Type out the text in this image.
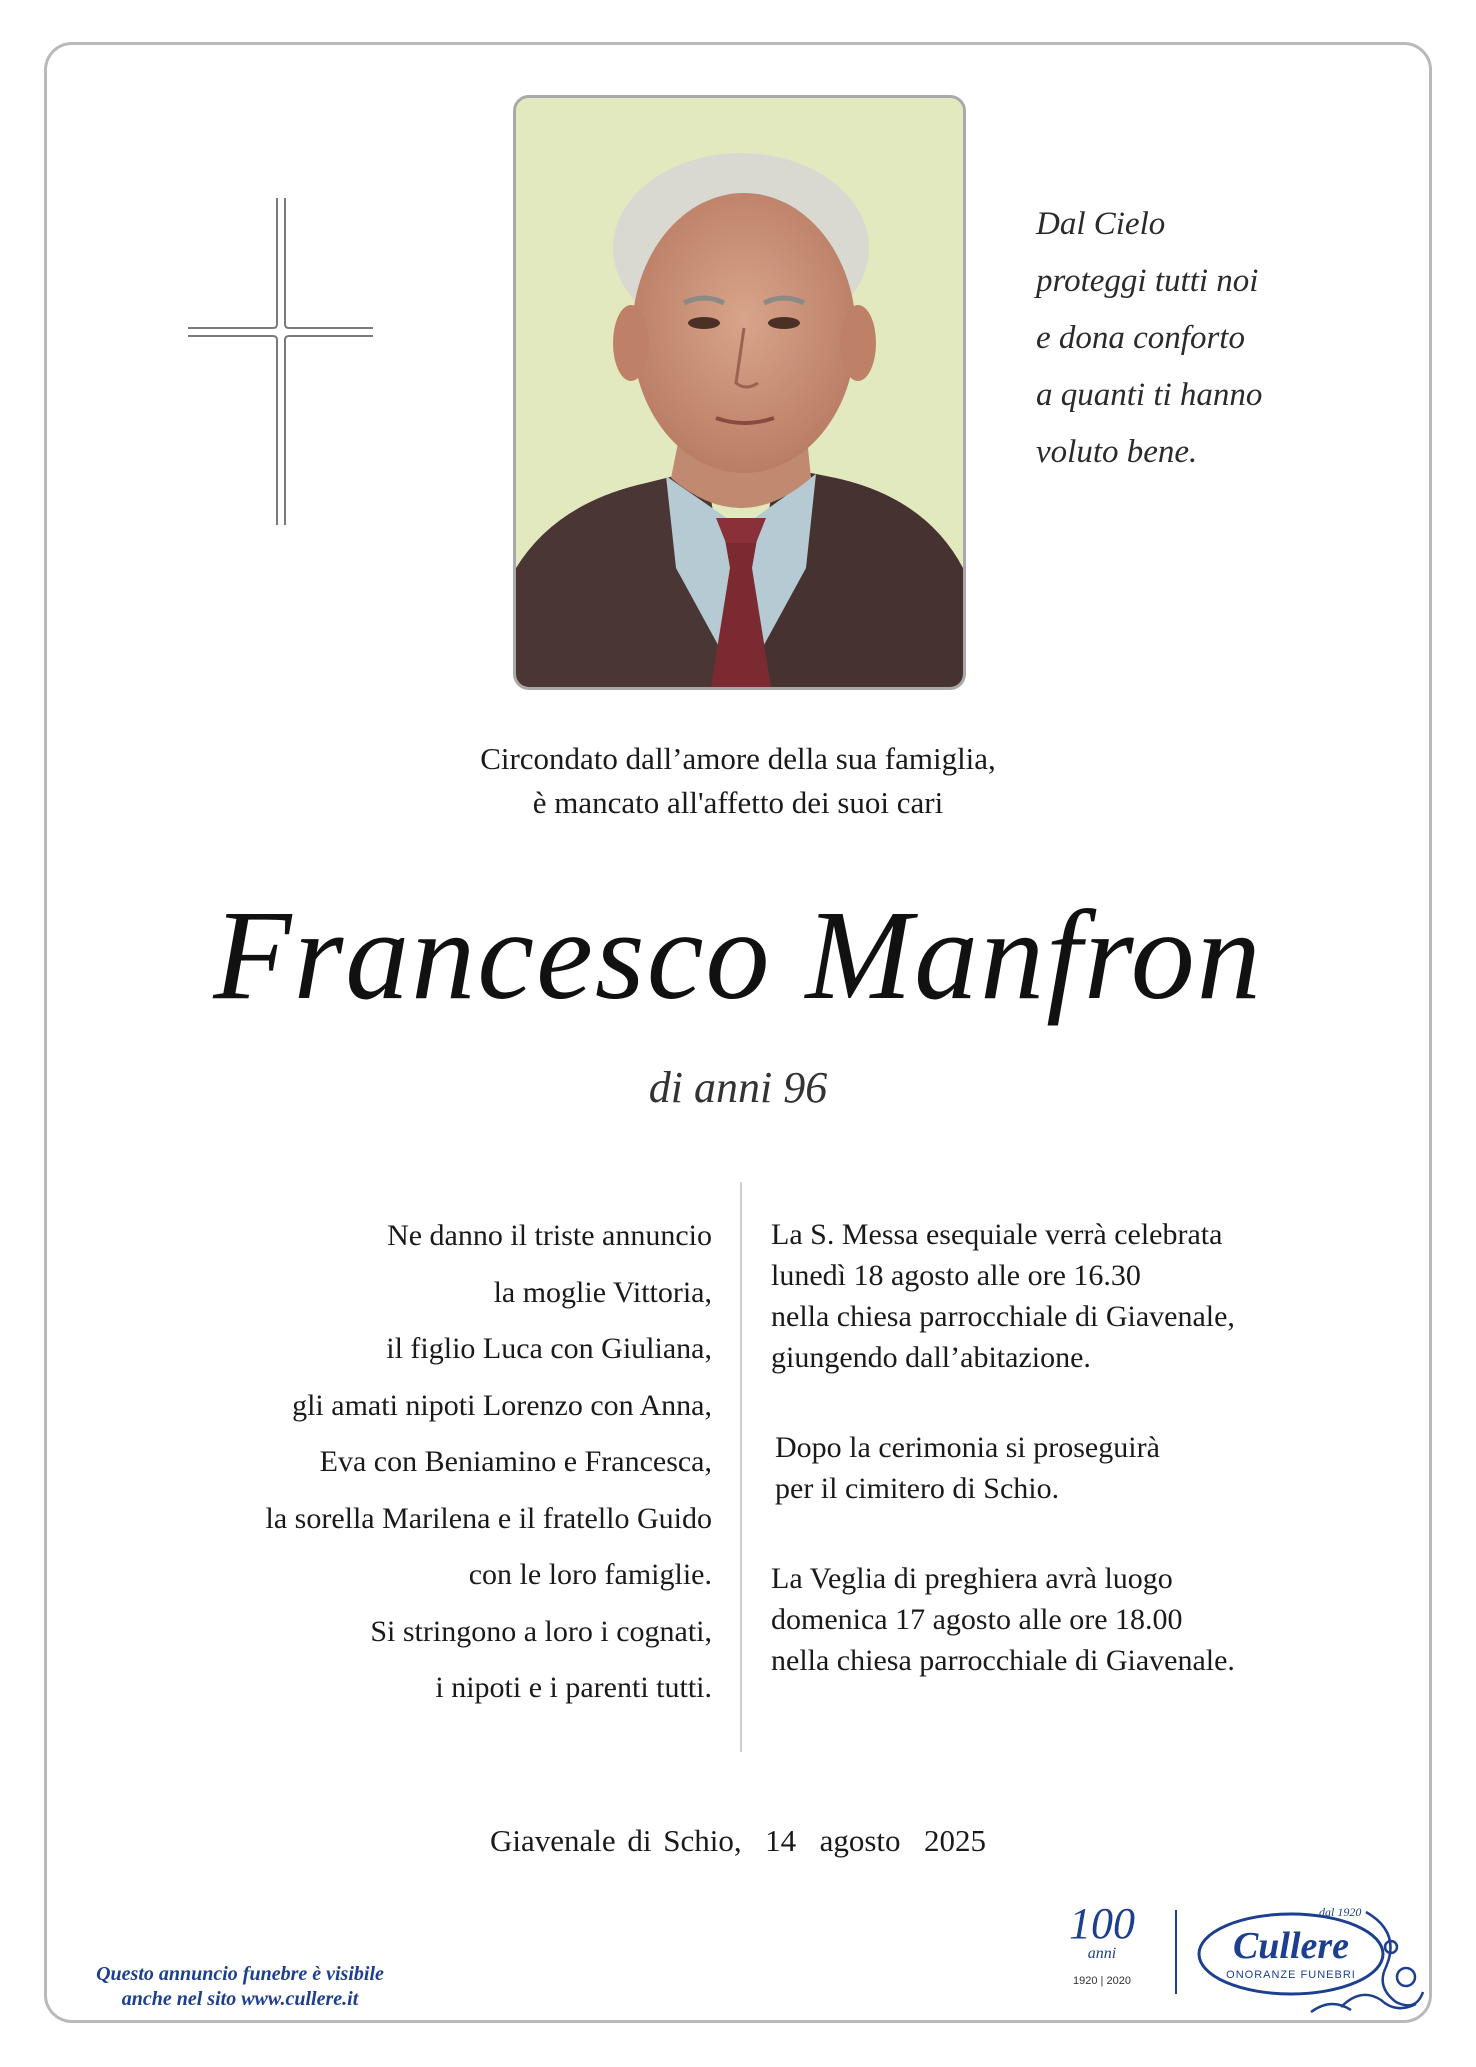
Dal Cielo
proteggi tutti noi
e dona conforto
a quanti ti hanno
voluto bene.
Circondato dall’amore della sua famiglia,
è mancato all'affetto dei suoi cari
Francesco Manfron
di anni 96
Ne danno il triste annuncio
la moglie Vittoria,
il figlio Luca con Giuliana,
gli amati nipoti Lorenzo con Anna,
Eva con Beniamino e Francesca,
la sorella Marilena e il fratello Guido
con le loro famiglie.
Si stringono a loro i cognati,
i nipoti e i parenti tutti.
La S. Messa esequiale verrà celebrata
lunedì 18 agosto alle ore 16.30
nella chiesa parrocchiale di Giavenale,
giungendo dall’abitazione.
Dopo la cerimonia si proseguirà
per il cimitero di Schio.
La Veglia di preghiera avrà luogo
domenica 17 agosto alle ore 18.00
nella chiesa parrocchiale di Giavenale.
Giavenale di Schio,  14  agosto  2025
Questo annuncio funebre è visibile
anche nel sito www.cullere.it
100
anni
1920 | 2020
dal 1920
Cullere
ONORANZE FUNEBRI
